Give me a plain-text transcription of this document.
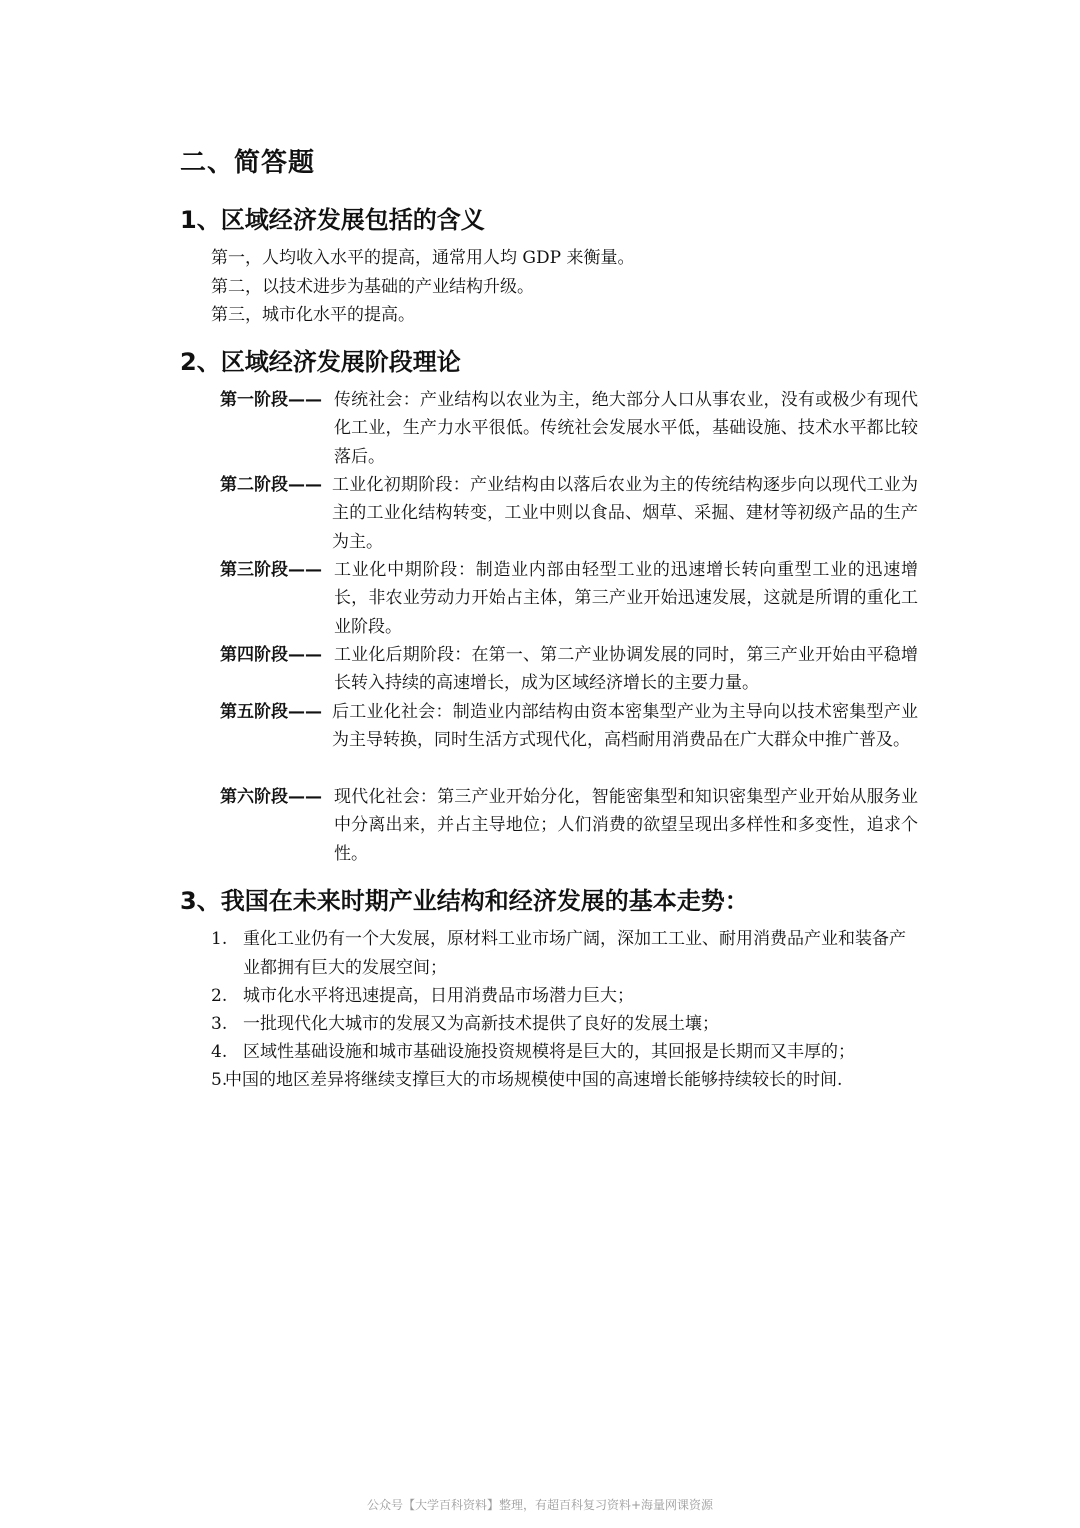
二、简答题
1、区域经济发展包括的含义
第一，人均收入水平的提高，通常用人均 GDP 来衡量。
第二，以技术进步为基础的产业结构升级。
第三，城市化水平的提高。
2、区域经济发展阶段理论
第一阶段—— 传统社会：产业结构以农业为主，绝大部分人口从事农业，没有或极少有现代化工业，生产力水平很低。传统社会发展水平低，基础设施、技术水平都比较落后。
第二阶段—— 工业化初期阶段：产业结构由以落后农业为主的传统结构逐步向以现代工业为主的工业化结构转变，工业中则以食品、烟草、采掘、建材等初级产品的生产为主。
第三阶段—— 工业化中期阶段：制造业内部由轻型工业的迅速增长转向重型工业的迅速增长，非农业劳动力开始占主体，第三产业开始迅速发展，这就是所谓的重化工业阶段。
第四阶段—— 工业化后期阶段：在第一、第二产业协调发展的同时，第三产业开始由平稳增长转入持续的高速增长，成为区域经济增长的主要力量。
第五阶段—— 后工业化社会：制造业内部结构由资本密集型产业为主导向以技术密集型产业为主导转换，同时生活方式现代化，高档耐用消费品在广大群众中推广普及。
第六阶段—— 现代化社会：第三产业开始分化，智能密集型和知识密集型产业开始从服务业中分离出来，并占主导地位；人们消费的欲望呈现出多样性和多变性，追求个性。
3、我国在未来时期产业结构和经济发展的基本走势：
1. 重化工业仍有一个大发展，原材料工业市场广阔，深加工工业、耐用消费品产业和装备产业都拥有巨大的发展空间；
2. 城市化水平将迅速提高，日用消费品市场潜力巨大；
3. 一批现代化大城市的发展又为高新技术提供了良好的发展土壤；
4. 区域性基础设施和城市基础设施投资规模将是巨大的，其回报是长期而又丰厚的；
5.
中国的地区差异将继续支撑巨大的市场规模使中国的高速增长能够持续较长的时间.
公众号【大学百科资料】整理，有超百科复习资料+海量网课资源
